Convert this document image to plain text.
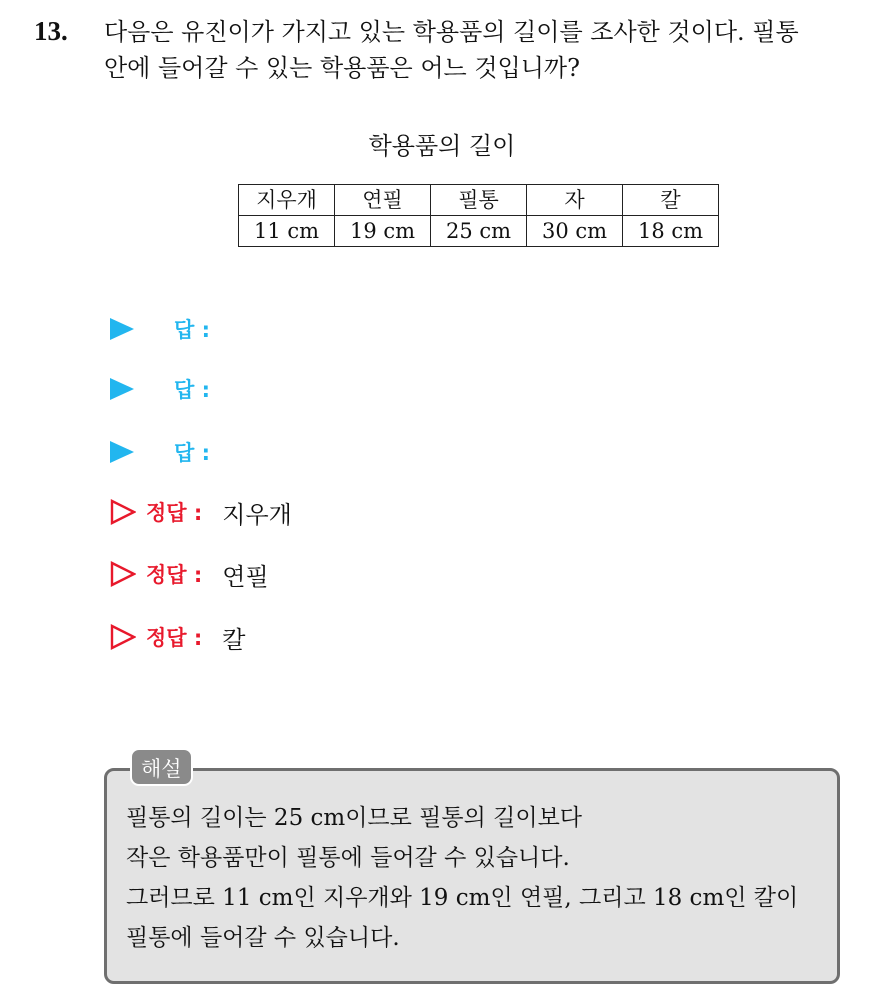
13. 다음은 유진이가 가지고 있는 학용품의 길이를 조사한 것이다. 필통
안에 들어갈 수 있는 학용품은 어느 것입니까?
학용품의 길이
지우개	연필	필통	자	칼
11 cm	19 cm	25 cm	30 cm	18 cm
답 :
답 :
답 :
정답 : 지우개
정답 : 연필
정답 : 칼
해설
필통의 길이는 25 cm이므로 필통의 길이보다
작은 학용품만이 필통에 들어갈 수 있습니다.
그러므로 11 cm인 지우개와 19 cm인 연필, 그리고 18 cm인 칼이
필통에 들어갈 수 있습니다.
